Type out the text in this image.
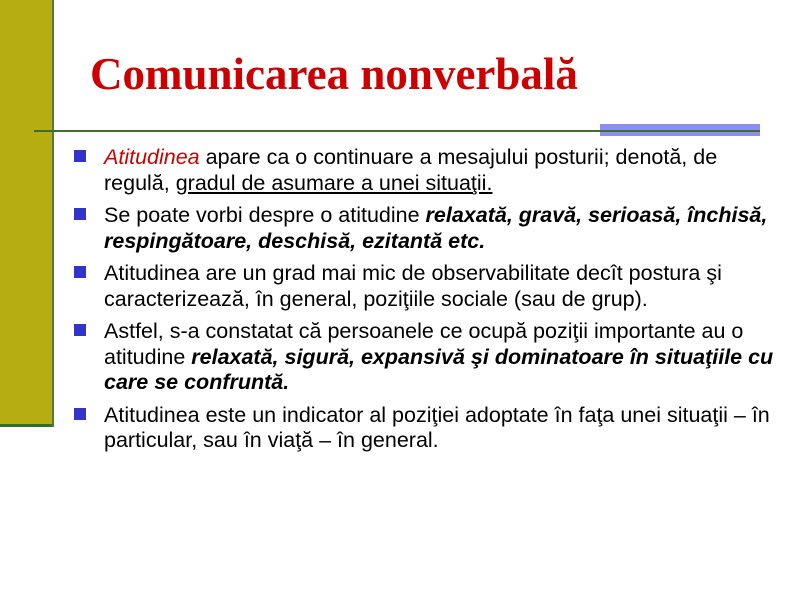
Comunicarea nonverbală
Atitudinea apare ca o continuare a mesajului posturii; denotă, de regulă, gradul de asumare a unei situaţii.
Se poate vorbi despre o atitudine relaxată, gravă, serioasă, închisă, respingătoare, deschisă, ezitantă etc.
Atitudinea are un grad mai mic de observabilitate decît postura şi caracterizează, în general, poziţiile sociale (sau de grup).
Astfel, s-a constatat că persoanele ce ocupă poziţii importante au o atitudine relaxată, sigură, expansivă şi dominatoare în situaţiile cu care se confruntă.
Atitudinea este un indicator al poziţiei adoptate în faţa unei situaţii – în particular, sau în viaţă – în general.
